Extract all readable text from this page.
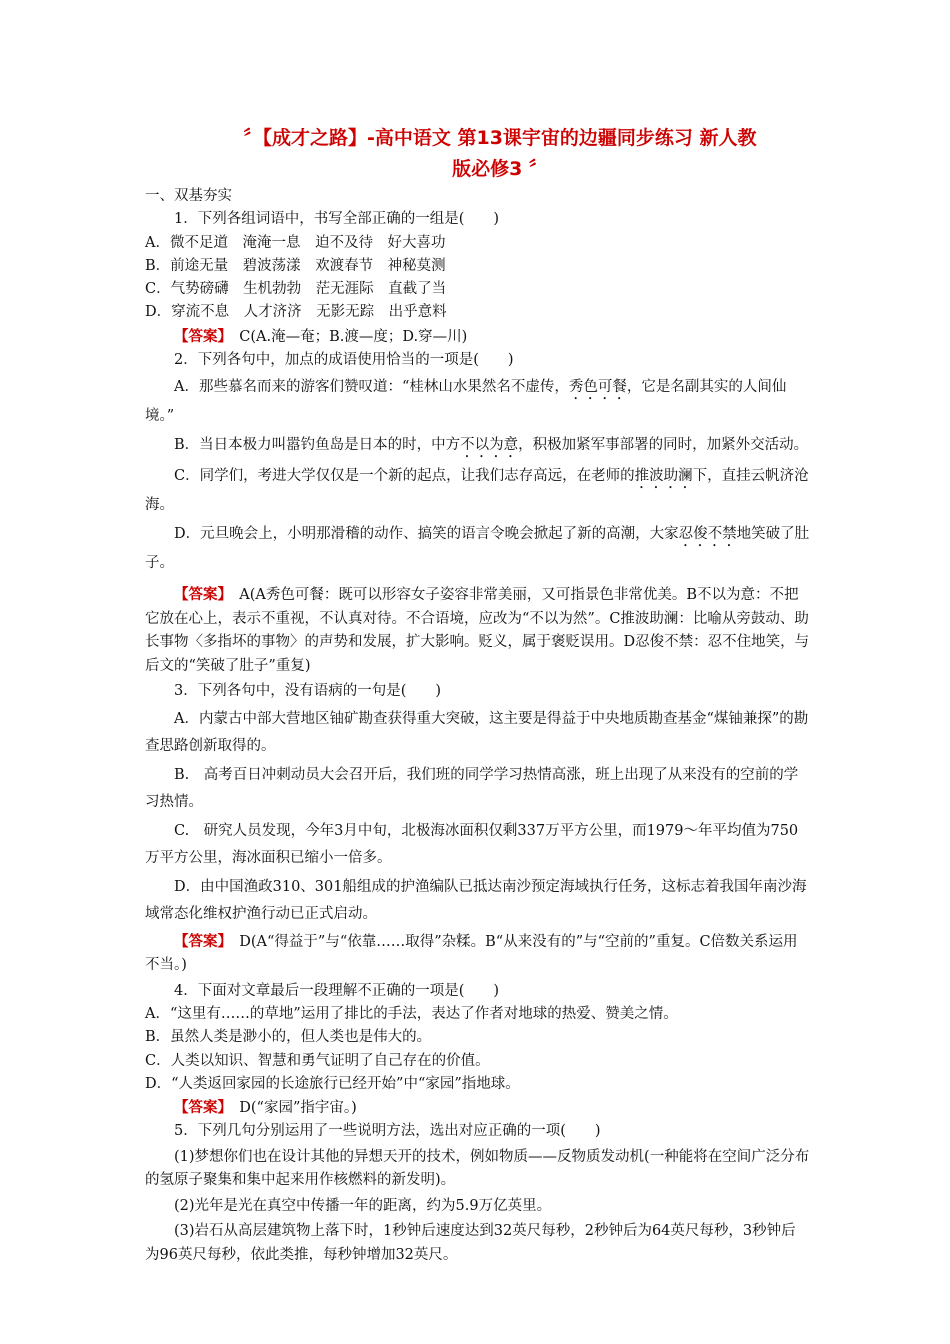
〞【成才之路】-高中语文 第13课宇宙的边疆同步练习 新人教
版必修3 〞
一、双基夯实
1．下列各组词语中，书写全部正确的一组是(　　)
A．微不足道　淹淹一息　迫不及待　好大喜功
B．前途无量　碧波荡漾　欢渡春节　神秘莫测
C．气势磅礴　生机勃勃　茫无涯际　直截了当
D．穿流不息　人才济济　无影无踪　出乎意料
【答案】　C(A.淹—奄；B.渡—度；D.穿—川)
2．下列各句中，加点的成语使用恰当的一项是(　　)
A．那些慕名而来的游客们赞叹道：“桂林山水果然名不虚传，秀色可餐，它是名副其实的人间仙境。”
B．当日本极力叫嚣钓鱼岛是日本的时，中方不以为意，积极加紧军事部署的同时，加紧外交活动。
C．同学们，考进大学仅仅是一个新的起点，让我们志存高远，在老师的推波助澜下，直挂云帆济沧海。
D．元旦晚会上，小明那滑稽的动作、搞笑的语言令晚会掀起了新的高潮，大家忍俊不禁地笑破了肚子。
【答案】　A(A秀色可餐：既可以形容女子姿容非常美丽，又可指景色非常优美。B不以为意：不把它放在心上，表示不重视，不认真对待。不合语境，应改为“不以为然”。C推波助澜：比喻从旁鼓动、助长事物〈多指坏的事物〉的声势和发展，扩大影响。贬义，属于褒贬误用。D忍俊不禁：忍不住地笑，与后文的“笑破了肚子”重复)
3．下列各句中，没有语病的一句是(　　)
A．内蒙古中部大营地区铀矿勘查获得重大突破，这主要是得益于中央地质勘查基金“煤铀兼探”的勘查思路创新取得的。
B.　高考百日冲刺动员大会召开后，我们班的同学学习热情高涨，班上出现了从来没有的空前的学习热情。
C.　研究人员发现，今年3月中旬，北极海冰面积仅剩337万平方公里，而1979～年平均值为750万平方公里，海冰面积已缩小一倍多。
D．由中国渔政310、301船组成的护渔编队已抵达南沙预定海域执行任务，这标志着我国年南沙海域常态化维权护渔行动已正式启动。
【答案】　D(A“得益于”与“依靠……取得”杂糅。B“从来没有的”与“空前的”重复。C倍数关系运用不当。)
4．下面对文章最后一段理解不正确的一项是(　　)
A．“这里有……的草地”运用了排比的手法，表达了作者对地球的热爱、赞美之情。
B．虽然人类是渺小的，但人类也是伟大的。
C．人类以知识、智慧和勇气证明了自己存在的价值。
D．“人类返回家园的长途旅行已经开始”中“家园”指地球。
【答案】　D(“家园”指宇宙。)
5．下列几句分别运用了一些说明方法，选出对应正确的一项(　　)
(1)梦想你们也在设计其他的异想天开的技术，例如物质——反物质发动机(一种能将在空间广泛分布的氢原子聚集和集中起来用作核燃料的新发明)。
(2)光年是光在真空中传播一年的距离，约为5.9万亿英里。
(3)岩石从高层建筑物上落下时，1秒钟后速度达到32英尺每秒，2秒钟后为64英尺每秒，3秒钟后为96英尺每秒，依此类推，每秒钟增加32英尺。
